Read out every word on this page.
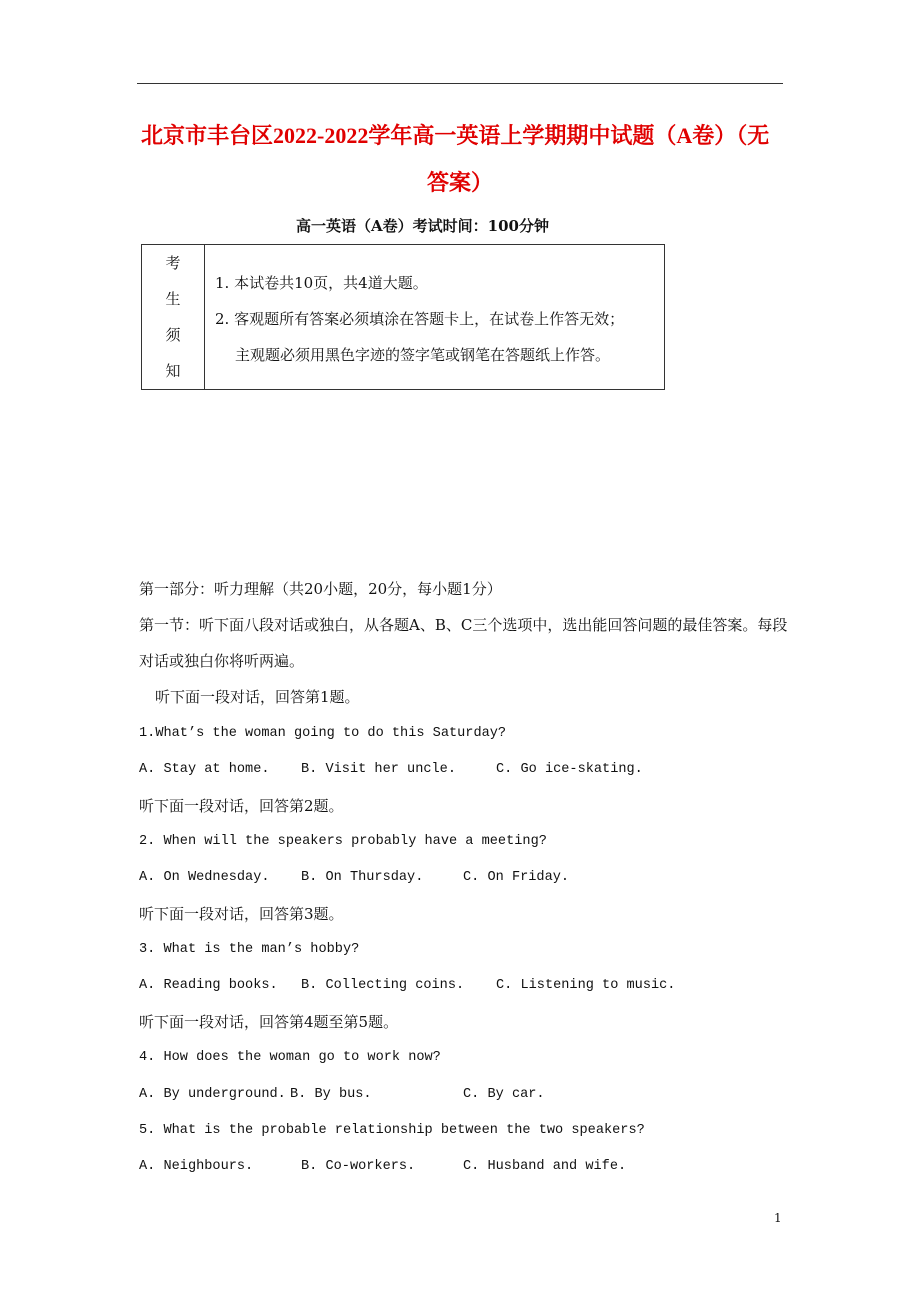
北京市丰台区2022-2022学年高一英语上学期期中试题（A卷）（无
答案）
高一英语（A卷）考试时间：100分钟
考
生
须
知

1. 本试卷共10页，共4道大题。
2. 客观题所有答案必须填涂在答题卡上，在试卷上作答无效；
主观题必须用黑色字迹的签字笔或钢笔在答题纸上作答。
第一部分：听力理解（共20小题，20分，每小题1分）
第一节：听下面八段对话或独白，从各题A、B、C三个选项中，选出能回答问题的最佳答案。每段
对话或独白你将听两遍。
听下面一段对话，回答第1题。
1.What’s the woman going to do this Saturday?
A. Stay at home. B. Visit her uncle.	C. Go ice-skating.
听下面一段对话，回答第2题。
2. When will the speakers probably have a meeting?
A. On Wednesday. B. On Thursday.	C. On Friday.
听下面一段对话，回答第3题。
3. What is the man’s hobby?
A. Reading books. B. Collecting coins. C. Listening to music.
听下面一段对话，回答第4题至第5题。
4. How does the woman go to work now?
A. By underground. B. By bus.	C. By car.
5. What is the probable relationship between the two speakers?
A. Neighbours.	B. Co-workers.	C. Husband and wife.
1
